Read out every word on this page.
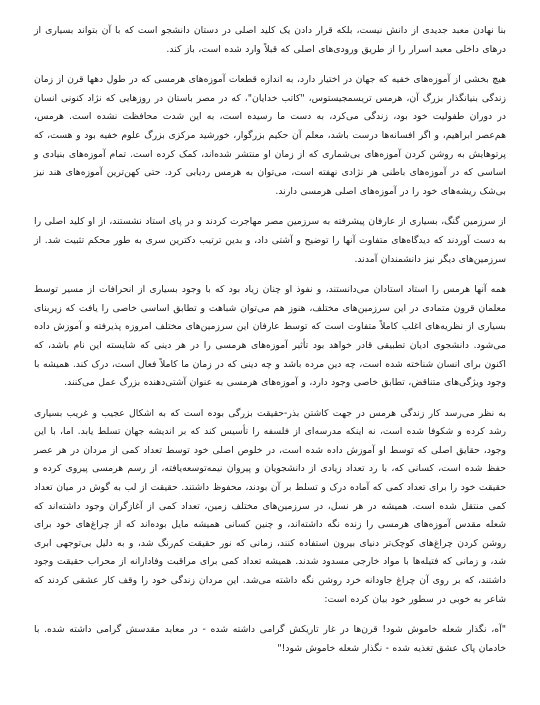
بنا نهادن معبد جدیدی از دانش نیست، بلکه قرار دادن یک کلید اصلی در دستان دانشجو است که با آن بتواند بسیاری از درهای داخلی معبد اسرار را از طریق ورودی‌های اصلی که قبلاً وارد شده است، باز کند.

هیچ بخشی از آموزه‌های خفیه که جهان در اختیار دارد، به اندازه قطعات آموزه‌های هرمسی که در طول دهها قرن از زمان زندگی بنیانگذار بزرگ آن، هرمس تریسمجیستوس، "کاتب خدایان"، که در مصر باستان در روزهایی که نژاد کنونی انسان در دوران طفولیت خود بود، زندگی می‌کرد، به دست ما رسیده است، به این شدت محافظت نشده است. هرمس، هم‌عصر ابراهیم، و اگر افسانه‌ها درست باشد، معلم آن حکیم بزرگوار، خورشید مرکزی بزرگ علوم خفیه بود و هست، که پرتوهایش به روشن کردن آموزه‌های بی‌شماری که از زمان او منتشر شده‌اند، کمک کرده است. تمام آموزه‌های بنیادی و اساسی که در آموزه‌های باطنی هر نژادی نهفته است، می‌توان به هرمس ردیابی کرد. حتی کهن‌ترین آموزه‌های هند نیز بی‌شک ریشه‌های خود را در آموزه‌های اصلی هرمسی دارند.

از سرزمین گنگ، بسیاری از عارفان پیشرفته به سرزمین مصر مهاجرت کردند و در پای استاد نشستند، از او کلید اصلی را به دست آوردند که دیدگاه‌های متفاوت آنها را توضیح و آشتی داد، و بدین ترتیب دکترین سری به طور محکم تثبیت شد. از سرزمین‌های دیگر نیز دانشمندان آمدند.

همه آنها هرمس را استاد استادان می‌دانستند، و نفوذ او چنان زیاد بود که با وجود بسیاری از انحرافات از مسیر توسط معلمان قرون متمادی در این سرزمین‌های مختلف، هنوز هم می‌توان شباهت و تطابق اساسی خاصی را یافت که زیربنای بسیاری از نظریه‌های اغلب کاملاً متفاوت است که توسط عارفان این سرزمین‌های مختلف امروزه پذیرفته و آموزش داده می‌شود. دانشجوی ادیان تطبیقی قادر خواهد بود تأثیر آموزه‌های هرمسی را در هر دینی که شایسته این نام باشد، که اکنون برای انسان شناخته شده است، چه دین مرده باشد و چه دینی که در زمان ما کاملاً فعال است، درک کند. همیشه با وجود ویژگی‌های متناقض، تطابق خاصی وجود دارد، و آموزه‌های هرمسی به عنوان آشتی‌دهنده بزرگ عمل می‌کنند.

به نظر می‌رسد کار زندگی هرمس در جهت کاشتن بذر-حقیقت بزرگی بوده است که به اشکال عجیب و غریب بسیاری رشد کرده و شکوفا شده است، نه اینکه مدرسه‌ای از فلسفه را تأسیس کند که بر اندیشه جهان تسلط یابد. اما، با این وجود، حقایق اصلی که توسط او آموزش داده شده است، در خلوص اصلی خود توسط تعداد کمی از مردان در هر عصر حفظ شده است، کسانی که، با رد تعداد زیادی از دانشجویان و پیروان نیمه‌توسعه‌یافته، از رسم هرمسی پیروی کرده و حقیقت خود را برای تعداد کمی که آماده درک و تسلط بر آن بودند، محفوظ داشتند. حقیقت از لب به گوش در میان تعداد کمی منتقل شده است. همیشه در هر نسل، در سرزمین‌های مختلف زمین، تعداد کمی از آغازگران وجود داشته‌اند که شعله مقدس آموزه‌های هرمسی را زنده نگه داشته‌اند، و چنین کسانی همیشه مایل بوده‌اند که از چراغ‌های خود برای روشن کردن چراغ‌های کوچک‌تر دنیای بیرون استفاده کنند، زمانی که نور حقیقت کم‌رنگ شد، و به دلیل بی‌توجهی ابری شد، و زمانی که فتیله‌ها با مواد خارجی مسدود شدند. همیشه تعداد کمی برای مراقبت وفادارانه از محراب حقیقت وجود داشتند، که بر روی آن چراغ جاودانه خرد روشن نگه داشته می‌شد. این مردان زندگی خود را وقف کار عشقی کردند که شاعر به خوبی در سطور خود بیان کرده است:

"آه، نگذار شعله خاموش شود! قرن‌ها در غار تاریکش گرامی داشته شده - در معابد مقدسش گرامی داشته شده. با خادمان پاک عشق تغذیه شده - نگذار شعله خاموش شود!"
